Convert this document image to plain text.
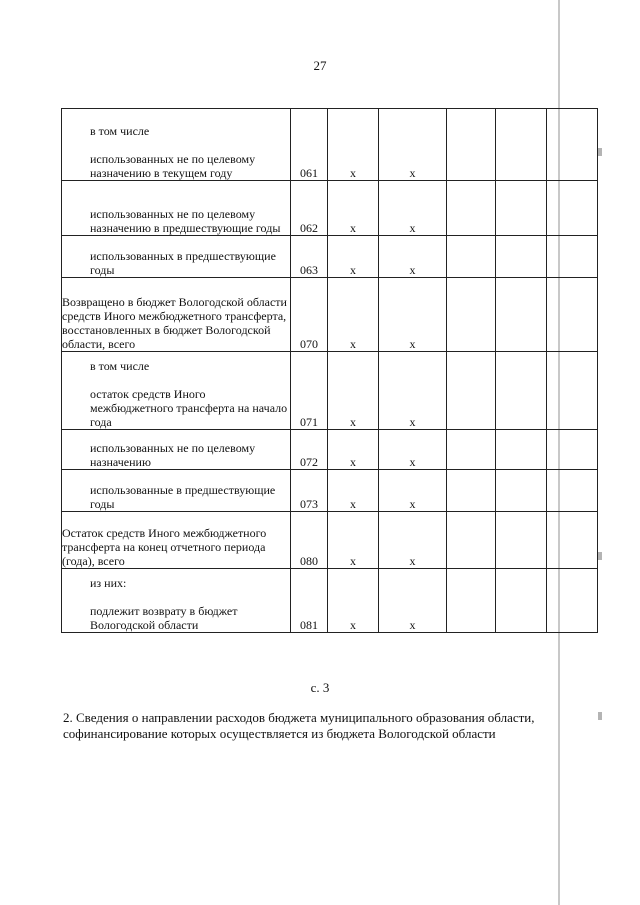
27
в том числе
использованных не по целевому назначению в текущем году	061	x	x			

использованных не по целевому назначению в предшествующие годы	062	x	x			

использованных в предшествующие годы	063	x	x			

Возвращено в бюджет Вологодской области средств Иного межбюджетного трансферта, восстановленных в бюджет Вологодской области, всего	070	x	x			

в том числе
остаток средств Иного межбюджетного трансферта на начало года	071	x	x			

использованных не по целевому назначению	072	x	x			

использованные в предшествующие годы	073	x	x			

Остаток средств Иного межбюджетного трансферта на конец отчетного периода (года), всего	080	x	x			

из них:
подлежит возврату в бюджет Вологодской области	081	x	x			
с. 3
2. Сведения о направлении расходов бюджета муниципального образования области, софинансирование которых осуществляется из бюджета Вологодской области
